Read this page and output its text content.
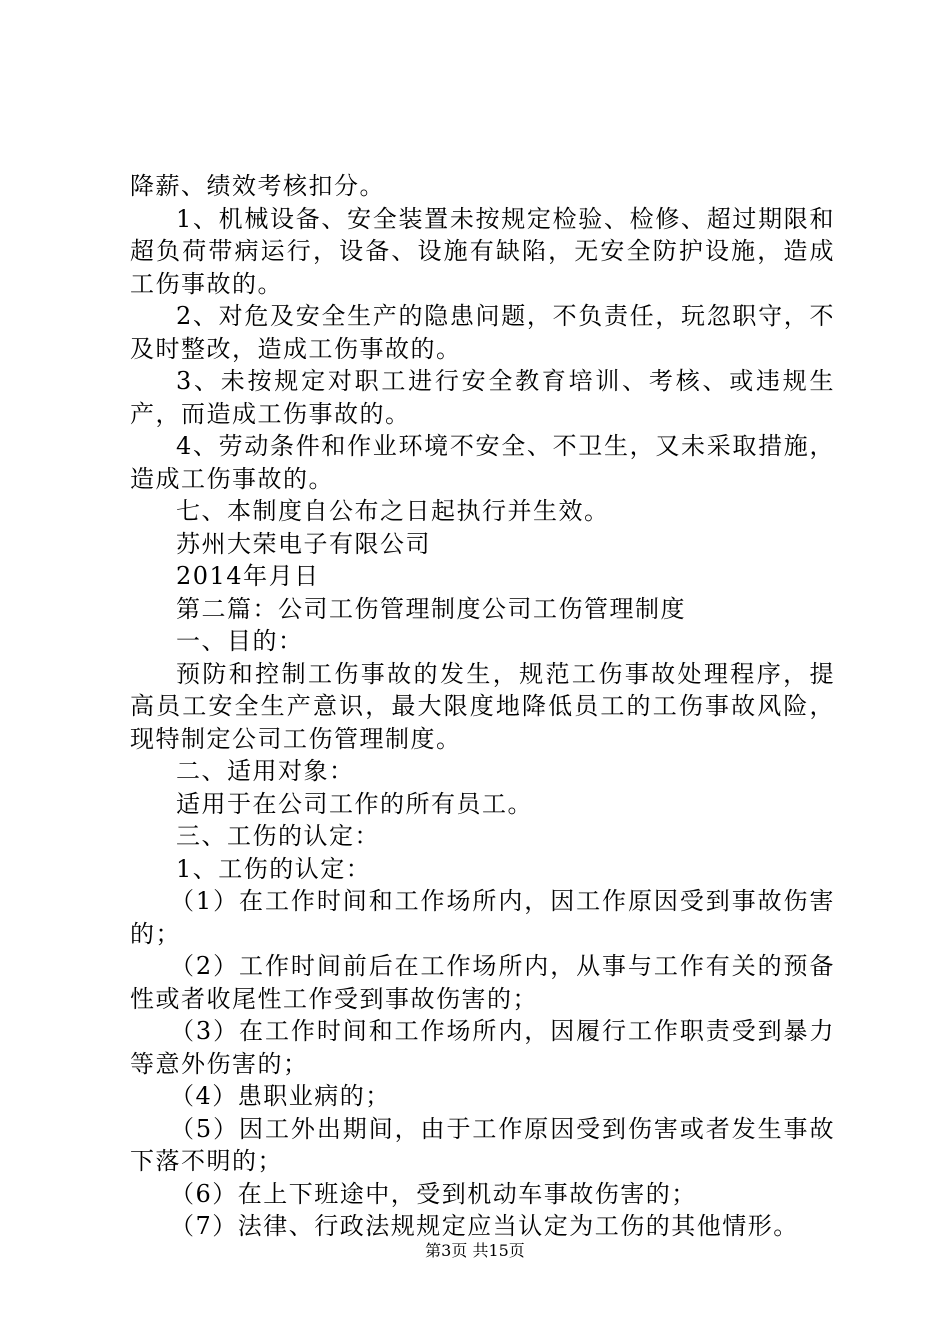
降薪、绩效考核扣分。

1、机械设备、安全装置未按规定检验、检修、超过期限和超负荷带病运行，设备、设施有缺陷，无安全防护设施，造成工伤事故的。

2、对危及安全生产的隐患问题，不负责任，玩忽职守，不及时整改，造成工伤事故的。

3、未按规定对职工进行安全教育培训、考核、或违规生产，而造成工伤事故的。

4、劳动条件和作业环境不安全、不卫生，又未采取措施，造成工伤事故的。

七、本制度自公布之日起执行并生效。

苏州大荣电子有限公司

2014年月日

第二篇：公司工伤管理制度公司工伤管理制度

一、目的：

预防和控制工伤事故的发生，规范工伤事故处理程序，提高员工安全生产意识，最大限度地降低员工的工伤事故风险，现特制定公司工伤管理制度。

二、适用对象：

适用于在公司工作的所有员工。

三、工伤的认定：

1、工伤的认定：

（1）在工作时间和工作场所内，因工作原因受到事故伤害的；

（2）工作时间前后在工作场所内，从事与工作有关的预备性或者收尾性工作受到事故伤害的；

（3）在工作时间和工作场所内，因履行工作职责受到暴力等意外伤害的；

（4）患职业病的；

（5）因工外出期间，由于工作原因受到伤害或者发生事故下落不明的；

（6）在上下班途中，受到机动车事故伤害的；

（7）法律、行政法规规定应当认定为工伤的其他情形。

第3页 共15页
